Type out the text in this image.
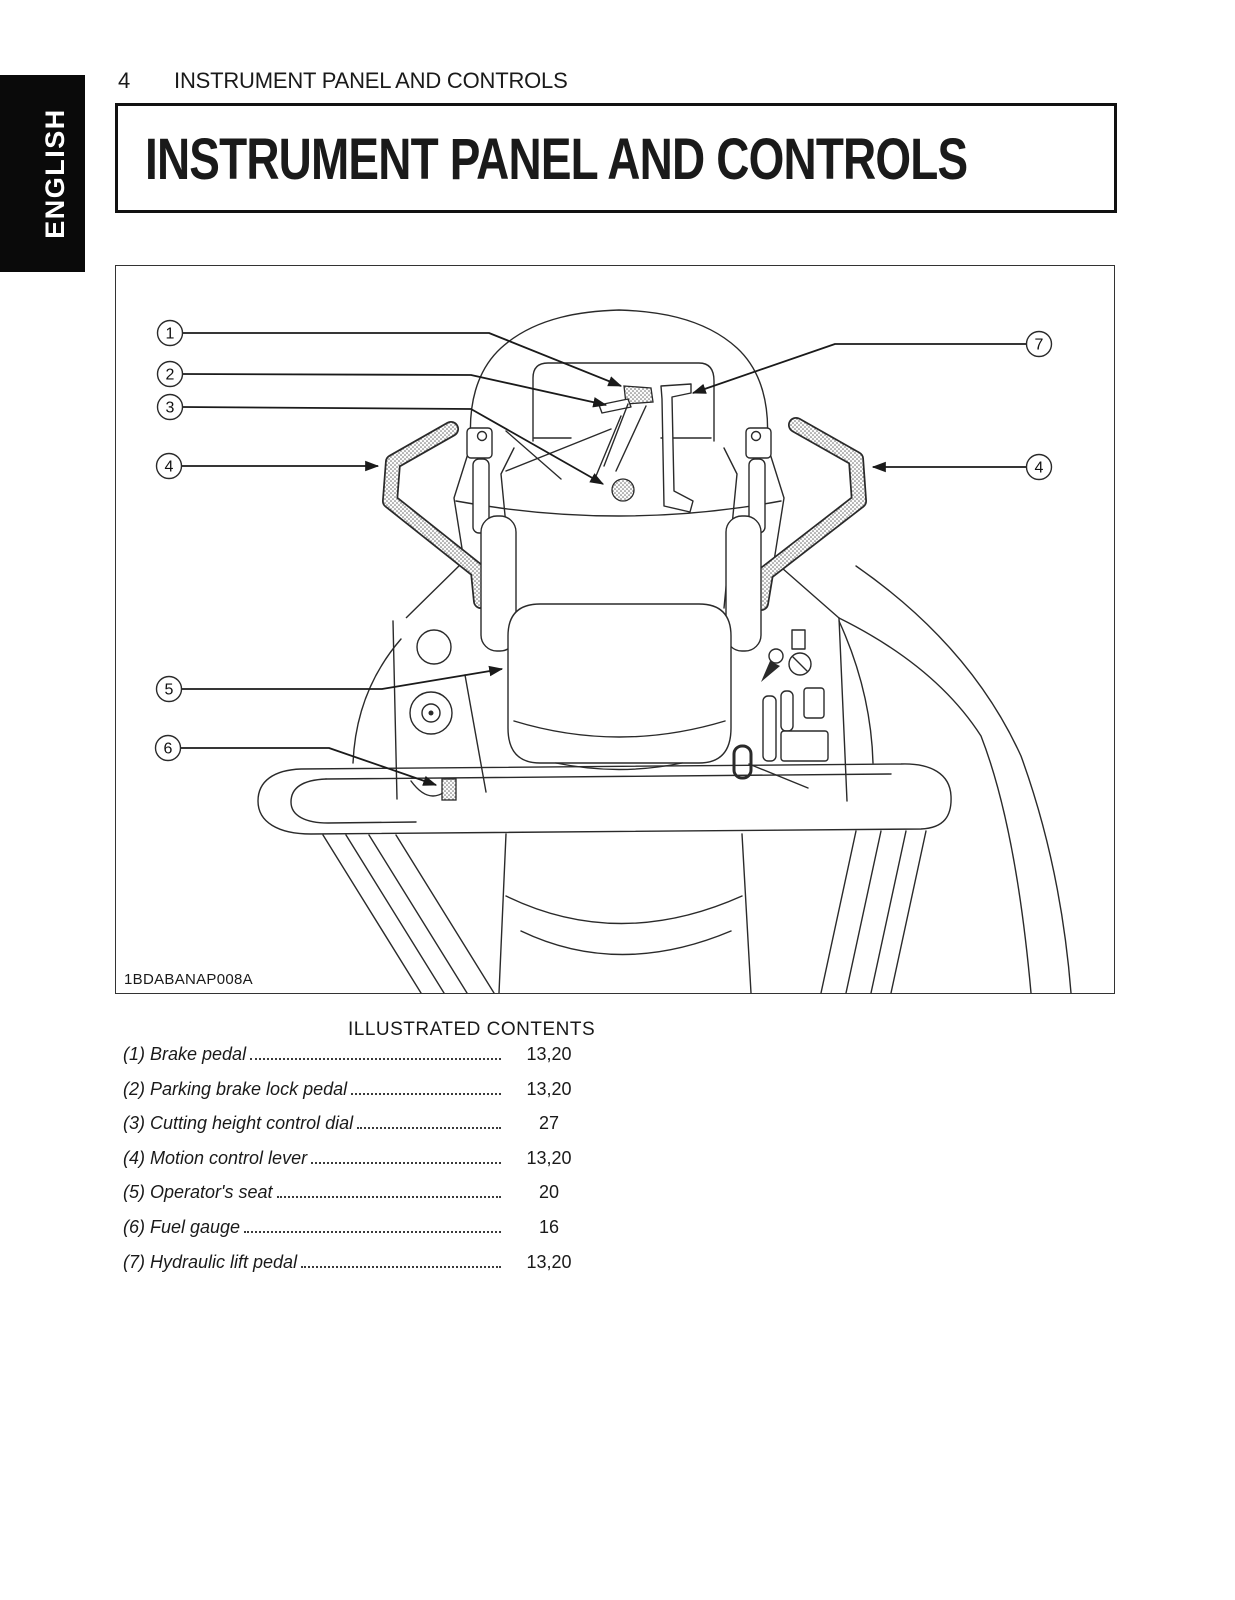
ENGLISH
4 INSTRUMENT PANEL AND CONTROLS
INSTRUMENT PANEL AND CONTROLS
1
2
3
4
5
6
7
4
1BDABANAP008A
ILLUSTRATED CONTENTS
(1) Brake pedal	13,20
(2) Parking brake lock pedal	13,20
(3) Cutting height control dial	27
(4) Motion control lever	13,20
(5) Operator's seat	20
(6) Fuel gauge	16
(7) Hydraulic lift pedal	13,20
